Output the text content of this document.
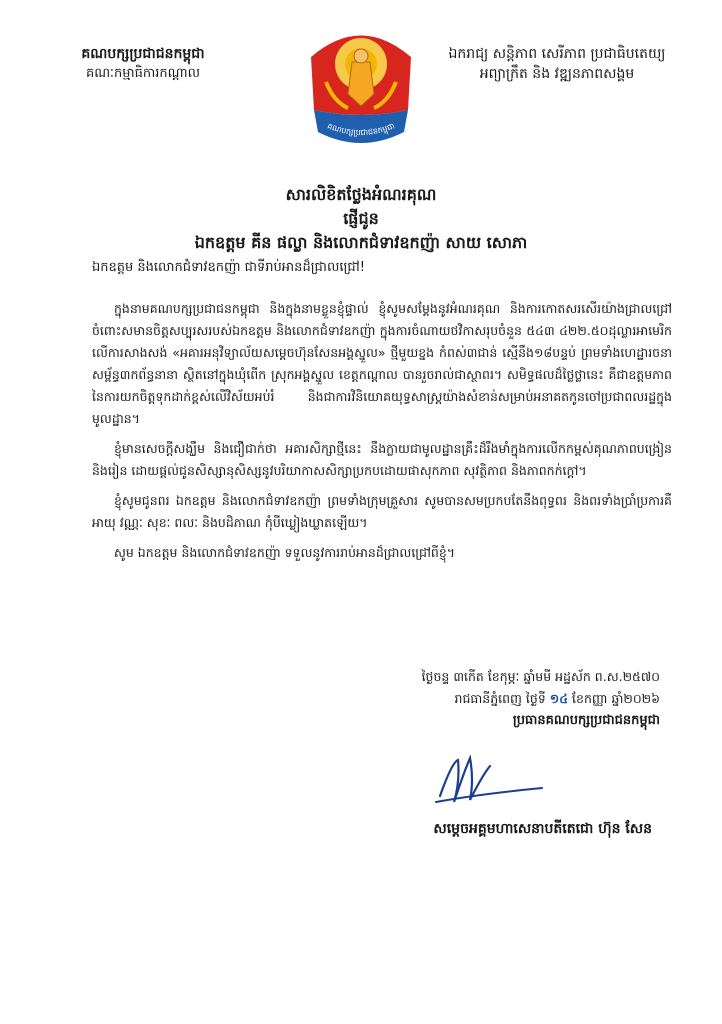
គណបក្សប្រជាជនកម្ពុជា
គណៈកម្មាធិការកណ្តាល
គណបក្សប្រជាជនកម្ពុជា
ឯករាជ្យ សន្តិភាព សេរីភាព ប្រជាធិបតេយ្យ
អព្យាក្រឹត និង វឌ្ឍនភាពសង្គម
សារលិខិតថ្លែងអំណរគុណ
ផ្ញើជូន
ឯកឧត្តម គីន ផល្លា និងលោកជំទាវឧកញ៉ា សាយ សោភា
ឯកឧត្តម និងលោកជំទាវឧកញ៉ា ជាទីរាប់អានដ៏ជ្រាលជ្រៅ!

ក្នុងនាមគណបក្សប្រជាជនកម្ពុជា និងក្នុងនាមខ្លួនខ្ញុំផ្ទាល់ ខ្ញុំសូមសម្តែងនូវអំណរគុណ និងការកោតសរសើរយ៉ាងជ្រាលជ្រៅ ចំពោះសមានចិត្តសប្បុរសរបស់ឯកឧត្តម និងលោកជំទាវឧកញ៉ា ក្នុងការចំណាយថវិកាសរុបចំនួន ៥៤៣ ៤២២.៥០ដុល្លារអាមេរិក លើការសាងសង់ «អគារអនុវិទ្យាល័យសម្តេចហ៊ុនសែនអង្គស្នួល» ថ្មីមួយខ្នង កំពស់៣ជាន់ ស្មើនឹង១៨បន្ទប់ ព្រមទាំងហេដ្ឋារចនាសម្ព័ន្ធ៣កព័ន្ធនានា ស្ថិតនៅក្នុងឃុំពើក ស្រុកអង្គស្នួល ខេត្តកណ្តាល បានរួចរាល់ជាស្ថាពរ។ សមិទ្ធផលដ៏ថ្លៃថ្លានេះ គឺជាឧត្តមភាពនៃការយកចិត្តទុកដាក់ខ្ពស់លើវិស័យអប់រំ និងជាការវិនិយោគយុទ្ធសាស្ត្រយ៉ាងសំខាន់សម្រាប់អនាគតកូនចៅប្រជាពលរដ្ឋក្នុងមូលដ្ឋាន។

ខ្ញុំមានសេចក្តីសង្ឃឹម និងជឿជាក់ថា អគារសិក្សាថ្មីនេះ នឹងក្លាយជាមូលដ្ឋានគ្រឹះដ៏រឹងមាំក្នុងការលើកកម្ពស់គុណភាពបង្រៀននិងរៀន ដោយផ្តល់ជូនសិស្សានុសិស្សនូវបរិយាកាសសិក្សាប្រកបដោយផាសុកភាព សុវត្ថិភាព និងភាពកក់ក្តៅ។

ខ្ញុំសូមជូនពរ ឯកឧត្តម និងលោកជំទាវឧកញ៉ា ព្រមទាំងក្រុមគ្រួសារ សូមបានសមប្រកបតែនឹងពុទ្ធពរ និងពរទាំងប្រាំប្រការគឺ អាយុ វណ្ណៈ សុខៈ ពលៈ និងបដិភាណ កុំបីឃ្លៀងឃ្លាតឡើយ។

សូម ឯកឧត្តម និងលោកជំទាវឧកញ៉ា ទទួលនូវការរាប់អានដ៏ជ្រាលជ្រៅពីខ្ញុំ។

ថ្ងៃចន្ទ ៣កើត ខែកុម្ភៈ ឆ្នាំមមី អដ្ឋស័ក ព.ស.២៥៧០
រាជធានីភ្នំពេញ ថ្ងៃទី ១៤ ខែកញ្ញា ឆ្នាំ២០២៦
ប្រធានគណបក្សប្រជាជនកម្ពុជា
សម្តេចអគ្គមហាសេនាបតីតេជោ ហ៊ុន សែន
